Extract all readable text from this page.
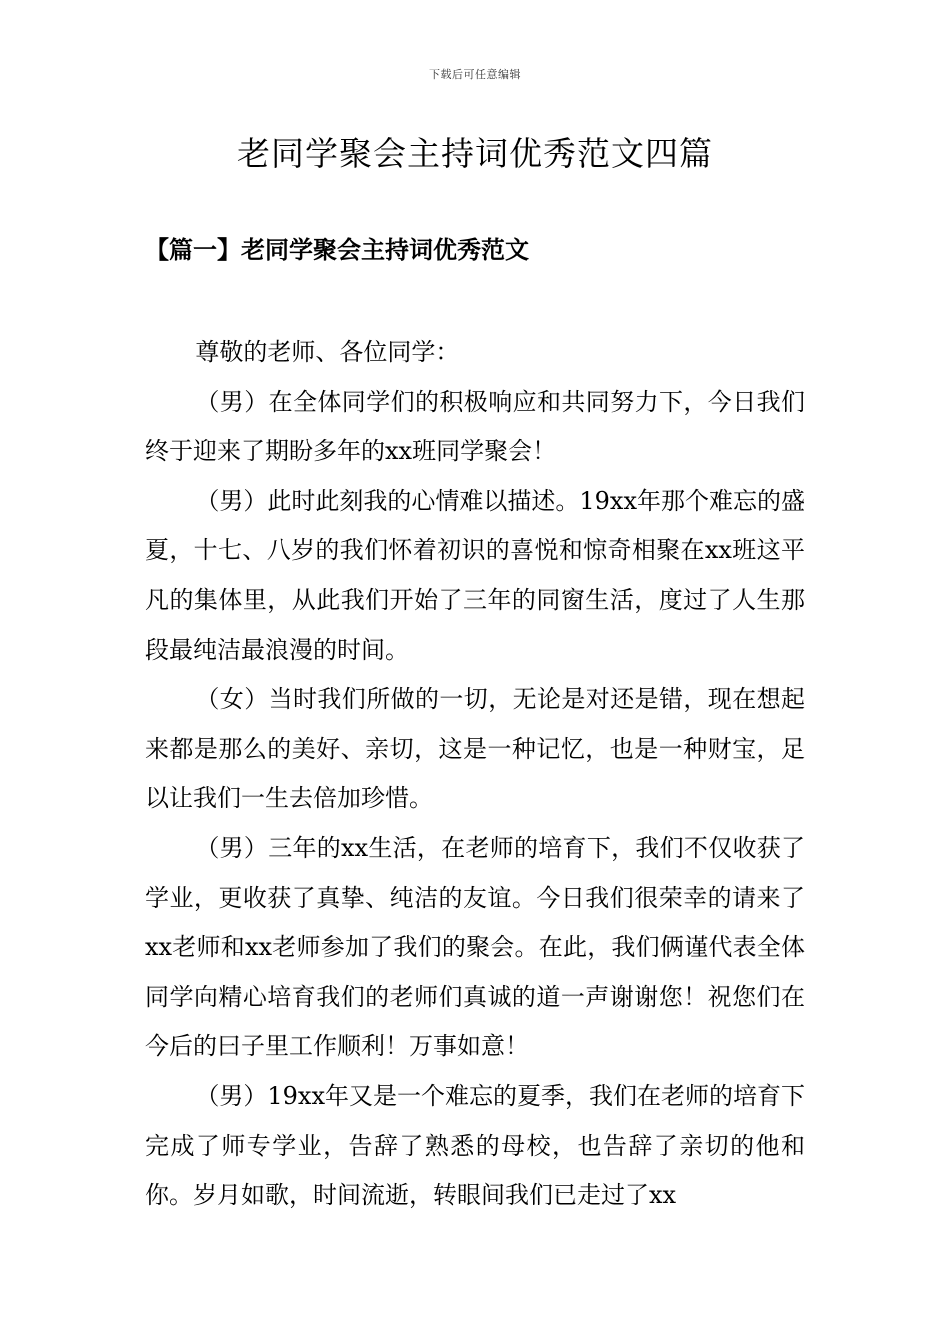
下载后可任意编辑
老同学聚会主持词优秀范文四篇
【篇一】老同学聚会主持词优秀范文

尊敬的老师、各位同学：

（男）在全体同学们的积极响应和共同努力下，今日我们终于迎来了期盼多年的xx班同学聚会！

（男）此时此刻我的心情难以描述。19xx年那个难忘的盛夏，十七、八岁的我们怀着初识的喜悦和惊奇相聚在xx班这平凡的集体里，从此我们开始了三年的同窗生活，度过了人生那段最纯洁最浪漫的时间。

（女）当时我们所做的一切，无论是对还是错，现在想起来都是那么的美好、亲切，这是一种记忆，也是一种财宝，足以让我们一生去倍加珍惜。

（男）三年的xx生活，在老师的培育下，我们不仅收获了学业，更收获了真挚、纯洁的友谊。今日我们很荣幸的请来了xx老师和xx老师参加了我们的聚会。在此，我们俩谨代表全体同学向精心培育我们的老师们真诚的道一声谢谢您！祝您们在今后的曰子里工作顺利！万事如意！

（男）19xx年又是一个难忘的夏季，我们在老师的培育下完成了师专学业，告辞了熟悉的母校，也告辞了亲切的他和你。岁月如歌，时间流逝，转眼间我们已走过了xx
